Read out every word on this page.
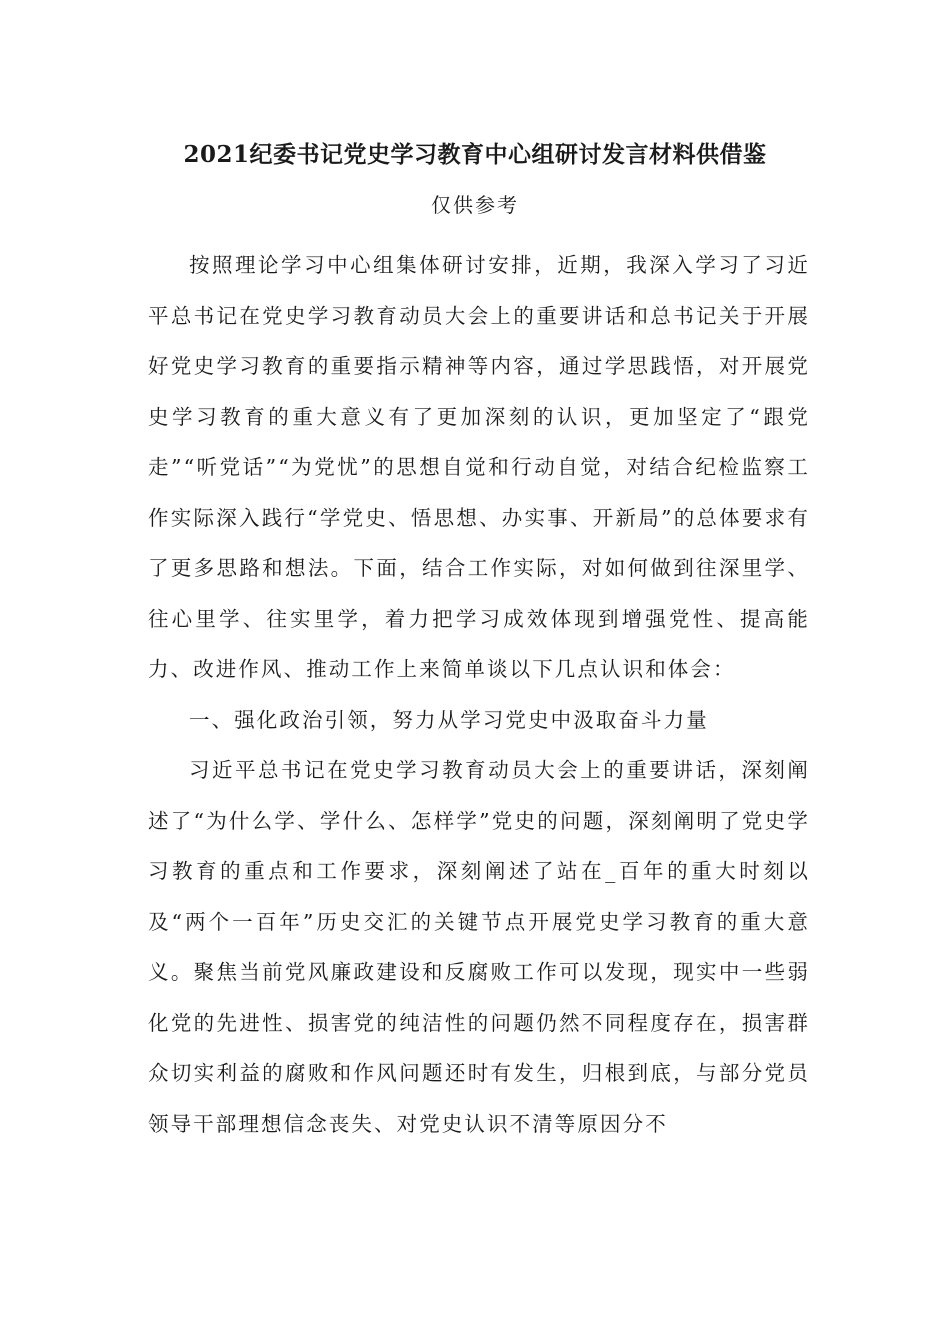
2021纪委书记党史学习教育中心组研讨发言材料供借鉴
仅供参考

按照理论学习中心组集体研讨安排，近期，我深入学习了习近平总书记在党史学习教育动员大会上的重要讲话和总书记关于开展好党史学习教育的重要指示精神等内容，通过学思践悟，对开展党史学习教育的重大意义有了更加深刻的认识，更加坚定了“跟党走”“听党话”“为党忧”的思想自觉和行动自觉，对结合纪检监察工作实际深入践行“学党史、悟思想、办实事、开新局”的总体要求有了更多思路和想法。下面，结合工作实际，对如何做到往深里学、往心里学、往实里学，着力把学习成效体现到增强党性、提高能力、改进作风、推动工作上来简单谈以下几点认识和体会：

一、强化政治引领，努力从学习党史中汲取奋斗力量

习近平总书记在党史学习教育动员大会上的重要讲话，深刻阐述了“为什么学、学什么、怎样学”党史的问题，深刻阐明了党史学习教育的重点和工作要求，深刻阐述了站在_百年的重大时刻以及“两个一百年”历史交汇的关键节点开展党史学习教育的重大意义。聚焦当前党风廉政建设和反腐败工作可以发现，现实中一些弱化党的先进性、损害党的纯洁性的问题仍然不同程度存在，损害群众切实利益的腐败和作风问题还时有发生，归根到底，与部分党员领导干部理想信念丧失、对党史认识不清等原因分不
